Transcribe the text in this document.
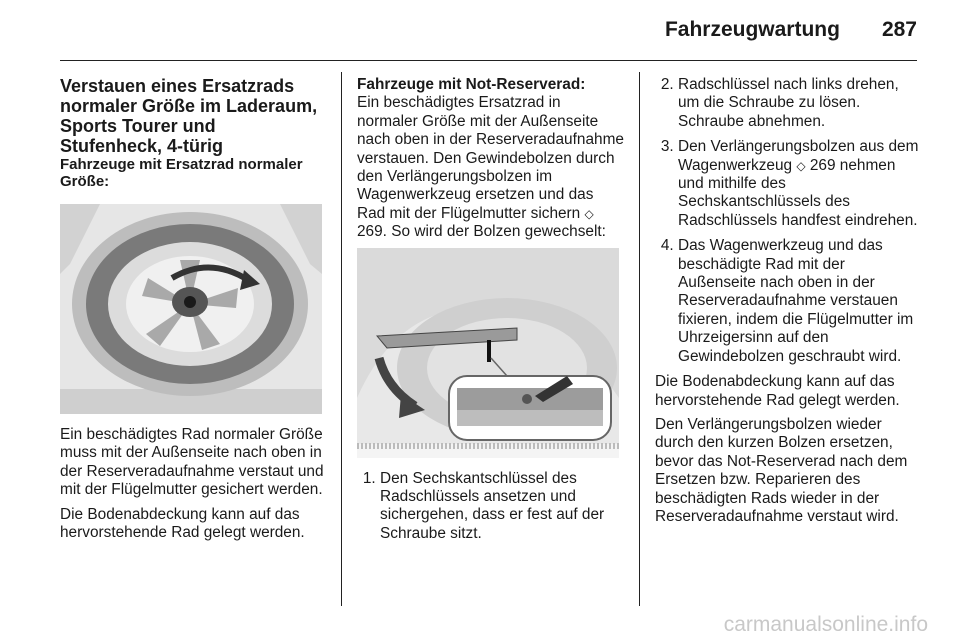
Fahrzeugwartung 287
Verstauen eines Ersatzrads
normaler Größe im Laderaum,
Sports Tourer und
Stufenheck, 4-türig
Fahrzeuge mit Ersatzrad normaler Größe:

Ein beschädigtes Rad normaler Größe muss mit der Außenseite nach oben in der Reserveradaufnahme verstaut und mit der Flügelmutter gesichert werden.

Die Bodenabdeckung kann auf das hervorstehende Rad gelegt werden.

Fahrzeuge mit Not-Reserverad:
Ein beschädigtes Ersatzrad in normaler Größe mit der Außenseite nach oben in der Reserveradaufnahme verstauen. Den Gewindebolzen durch den Verlängerungsbolzen im Wagenwerkzeug ersetzen und das Rad mit der Flügelmutter sichern ◇ 269. So wird der Bolzen gewechselt:

1. Den Sechskantschlüssel des Radschlüssels ansetzen und sichergehen, dass er fest auf der Schraube sitzt.
2. Radschlüssel nach links drehen, um die Schraube zu lösen. Schraube abnehmen.
3. Den Verlängerungsbolzen aus dem Wagenwerkzeug ◇ 269 nehmen und mithilfe des Sechskantschlüssels des Radschlüssels handfest eindrehen.
4. Das Wagenwerkzeug und das beschädigte Rad mit der Außenseite nach oben in der Reserveradaufnahme verstauen fixieren, indem die Flügelmutter im Uhrzeigersinn auf den Gewindebolzen geschraubt wird.

Die Bodenabdeckung kann auf das hervorstehende Rad gelegt werden.

Den Verlängerungsbolzen wieder durch den kurzen Bolzen ersetzen, bevor das Not-Reserverad nach dem Ersetzen bzw. Reparieren des beschädigten Rads wieder in der Reserveradaufnahme verstaut wird.

carmanualsonline.info
